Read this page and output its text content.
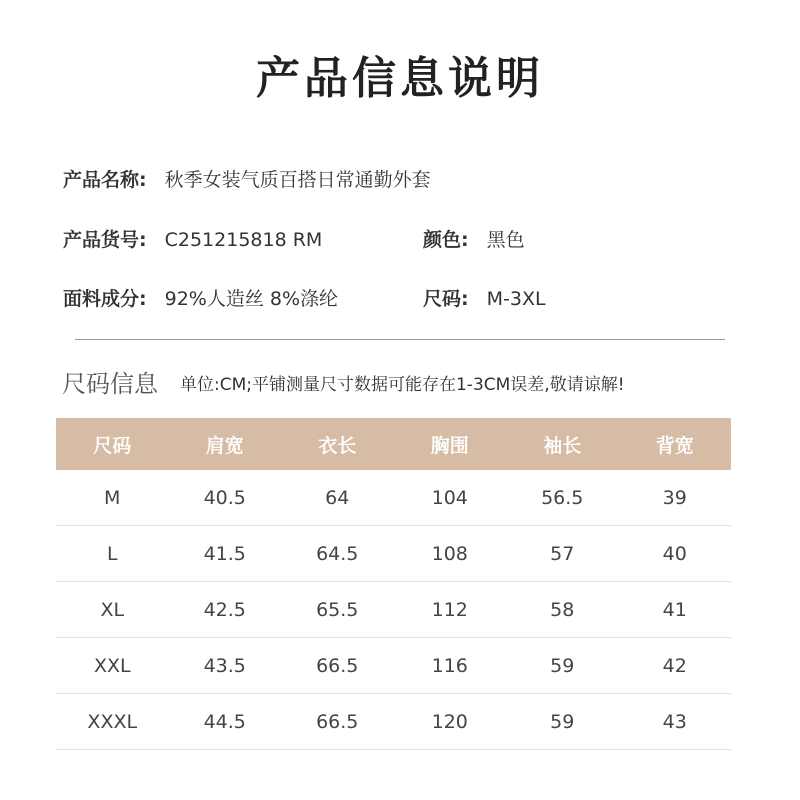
产品信息说明
产品名称: 秋季女装气质百搭日常通勤外套
产品货号: C251215818 RM	颜色: 黑色
面料成分: 92%人造丝 8%涤纶	尺码: M-3XL
尺码信息 单位:CM;平铺测量尺寸数据可能存在1-3CM误差,敬请谅解!
尺码	肩宽	衣长	胸围	袖长	背宽
M	40.5	64	104	56.5	39
L	41.5	64.5	108	57	40
XL	42.5	65.5	112	58	41
XXL	43.5	66.5	116	59	42
XXXL	44.5	66.5	120	59	43
